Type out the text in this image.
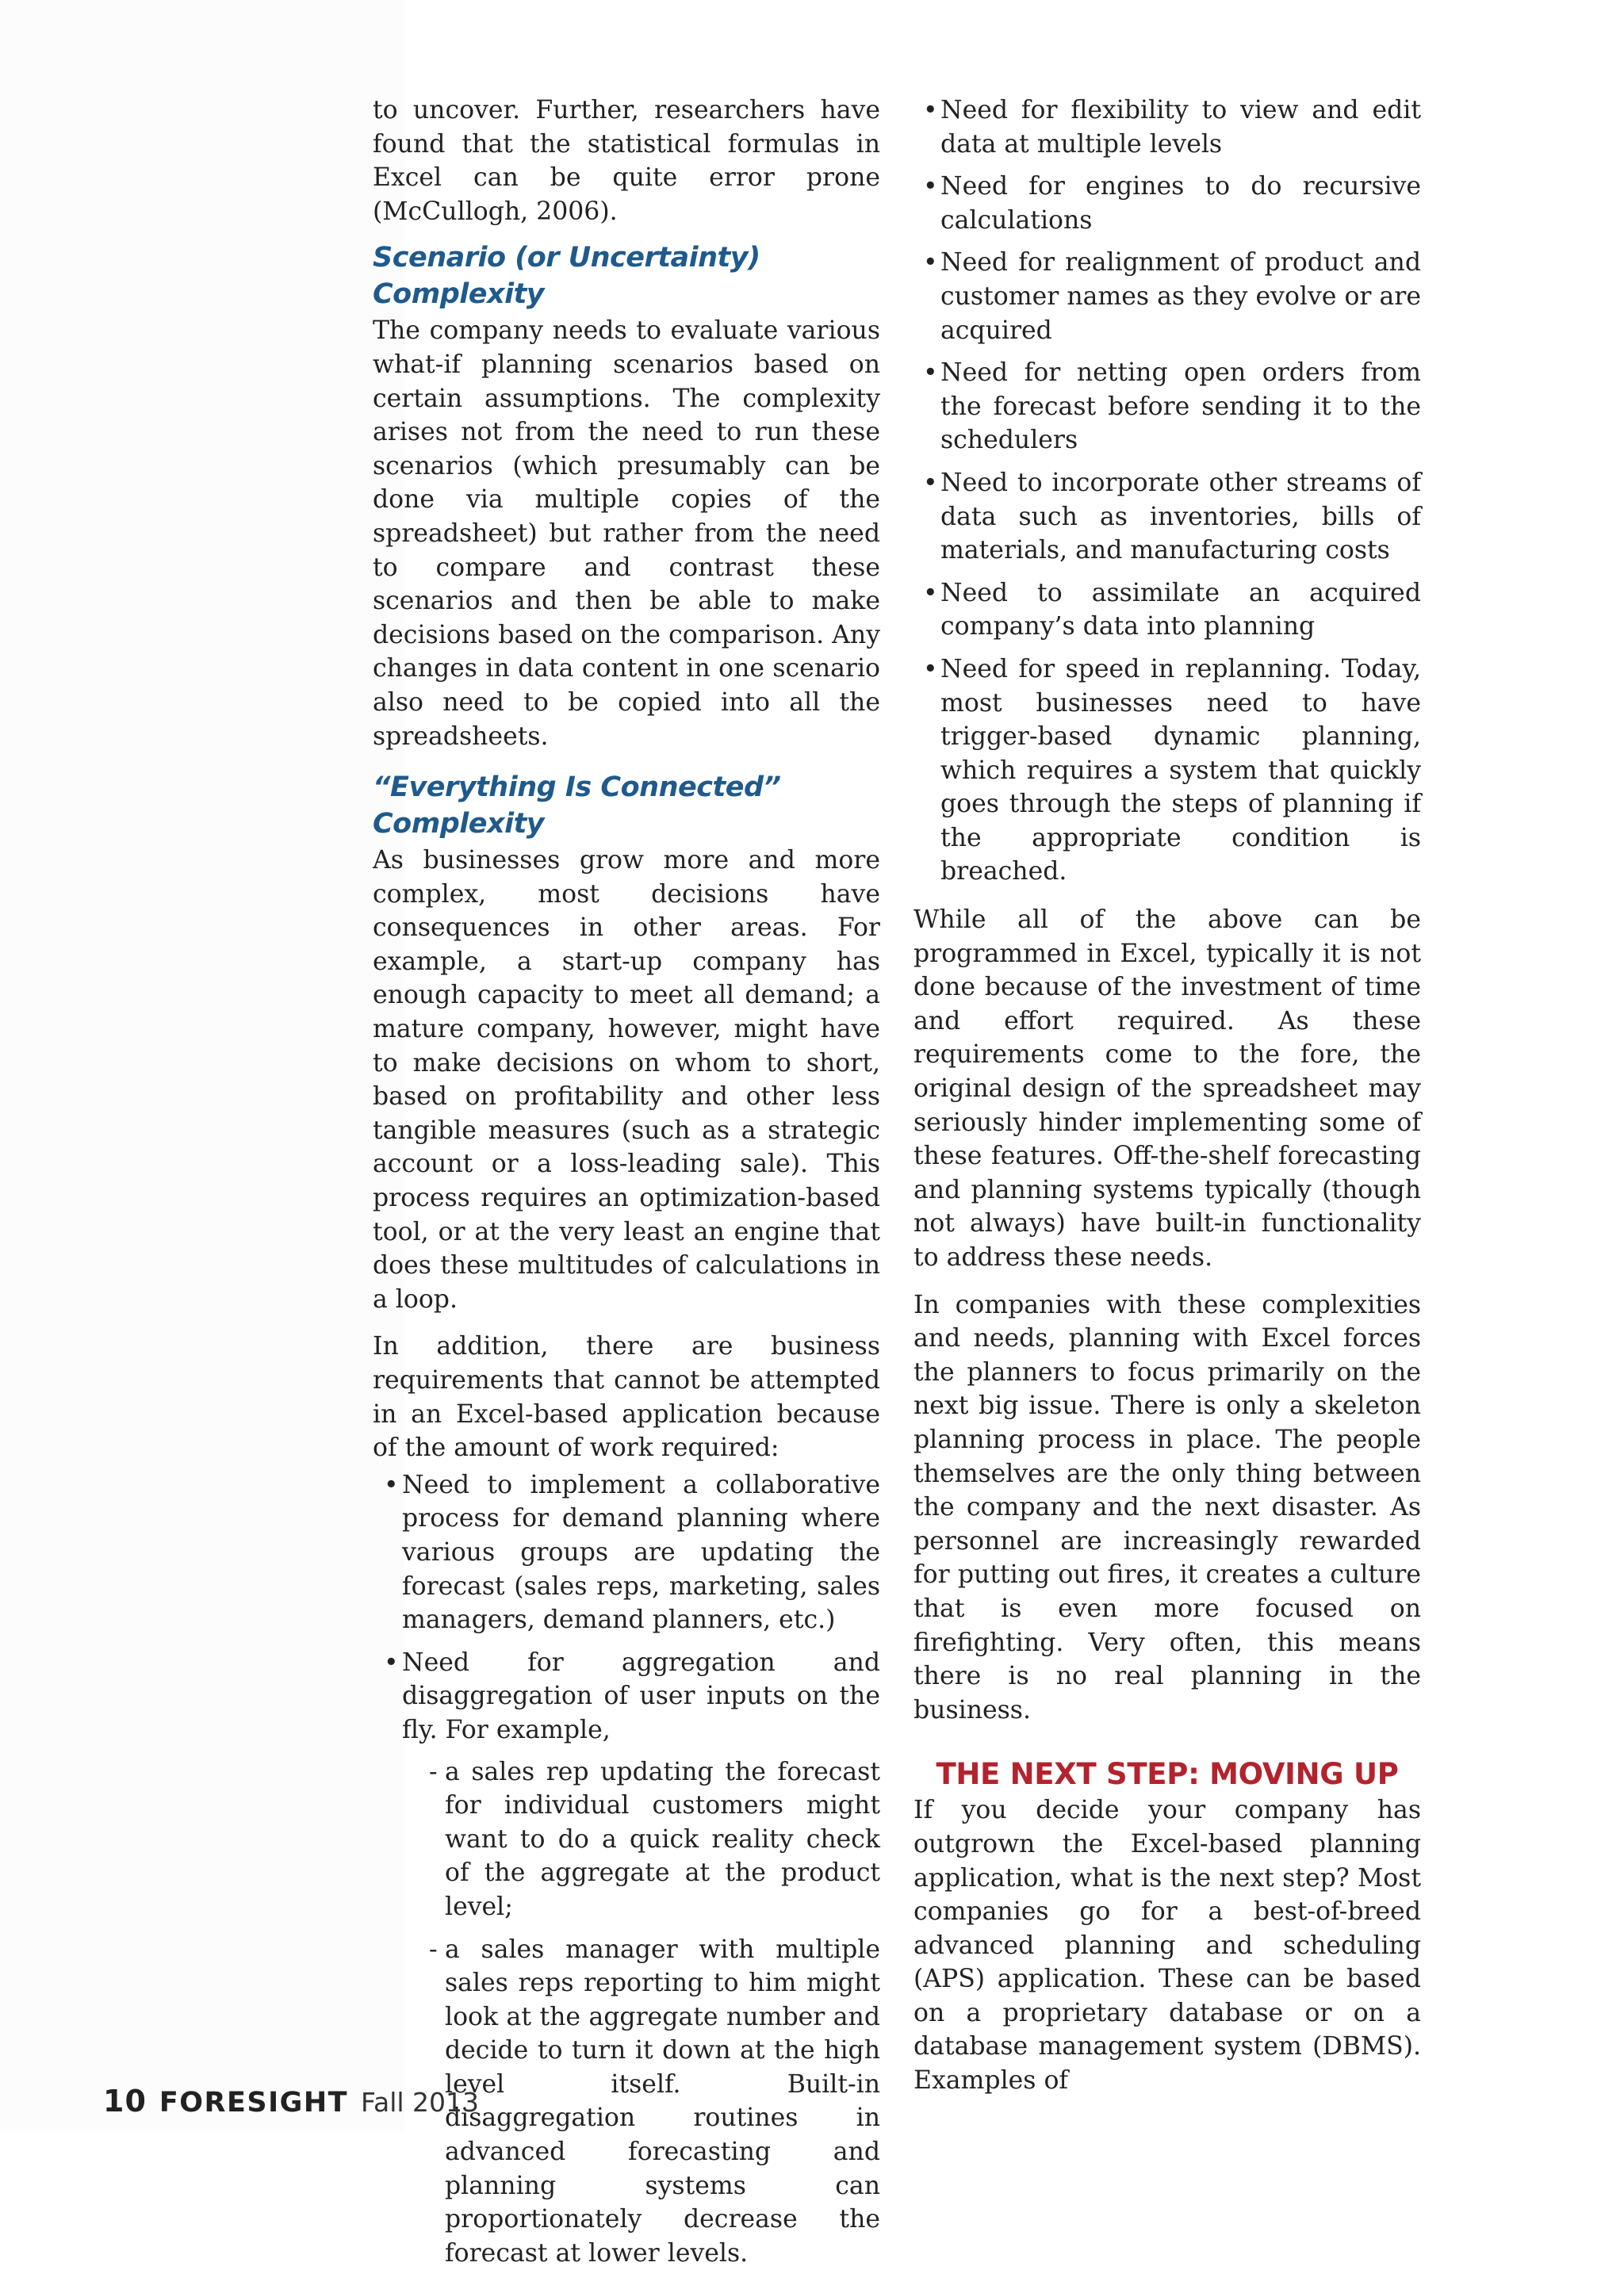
to uncover. Further, researchers have found that the statistical formulas in Excel can be quite error prone (McCullogh, 2006).

Scenario (or Uncertainty) Complexity

The company needs to evaluate various what-if planning scenarios based on certain assumptions. The complexity arises not from the need to run these scenarios (which presumably can be done via multiple copies of the spreadsheet) but rather from the need to compare and contrast these scenarios and then be able to make decisions based on the comparison. Any changes in data content in one scenario also need to be copied into all the spreadsheets.

“Everything Is Connected” Complexity

As businesses grow more and more complex, most decisions have consequences in other areas. For example, a start-up company has enough capacity to meet all demand; a mature company, however, might have to make decisions on whom to short, based on profitability and other less tangible measures (such as a strategic account or a loss-leading sale). This process requires an optimization-based tool, or at the very least an engine that does these multitudes of calculations in a loop.

In addition, there are business requirements that cannot be attempted in an Excel-based application because of the amount of work required:

• Need to implement a collaborative process for demand planning where various groups are updating the forecast (sales reps, marketing, sales managers, demand planners, etc.)
• Need for aggregation and disaggregation of user inputs on the fly. For example,
- a sales rep updating the forecast for individual customers might want to do a quick reality check of the aggregate at the product level;
- a sales manager with multiple sales reps reporting to him might look at the aggregate number and decide to turn it down at the high level itself. Built-in disaggregation routines in advanced forecasting and planning systems can proportionately decrease the forecast at lower levels.
• Need for flexibility to view and edit data at multiple levels
• Need for engines to do recursive calculations
• Need for realignment of product and customer names as they evolve or are acquired
• Need for netting open orders from the forecast before sending it to the schedulers
• Need to incorporate other streams of data such as inventories, bills of materials, and manufacturing costs
• Need to assimilate an acquired company’s data into planning
• Need for speed in replanning. Today, most businesses need to have trigger-based dynamic planning, which requires a system that quickly goes through the steps of planning if the appropriate condition is breached.

While all of the above can be programmed in Excel, typically it is not done because of the investment of time and effort required. As these requirements come to the fore, the original design of the spreadsheet may seriously hinder implementing some of these features. Off-the-shelf forecasting and planning systems typically (though not always) have built-in functionality to address these needs.

In companies with these complexities and needs, planning with Excel forces the planners to focus primarily on the next big issue. There is only a skeleton planning process in place. The people themselves are the only thing between the company and the next disaster. As personnel are increasingly rewarded for putting out fires, it creates a culture that is even more focused on firefighting. Very often, this means there is no real planning in the business.

THE NEXT STEP: MOVING UP

If you decide your company has outgrown the Excel-based planning application, what is the next step? Most companies go for a best-of-breed advanced planning and scheduling (APS) application. These can be based on a proprietary database or on a database management system (DBMS). Examples of

10 FORESIGHT Fall 2013
